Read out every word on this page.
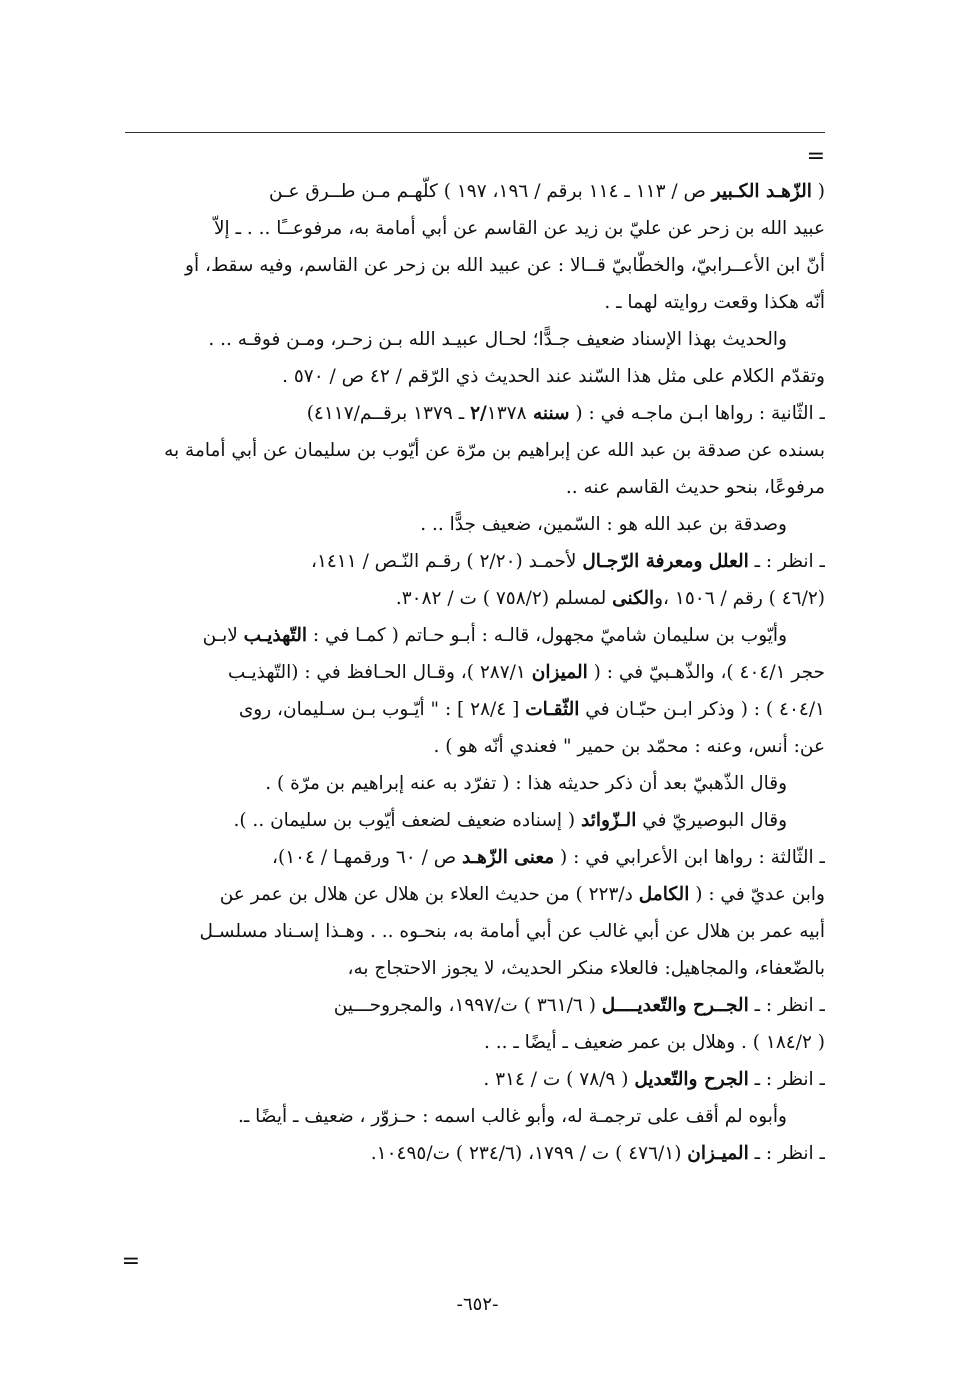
=
( الزّهـد الكـبير ص / ١١٣ ـ ١١٤ برقم / ١٩٦، ١٩٧ ) كلّهـم مـن طــرق عـن
عبيد الله بن زحر عن عليّ بن زيد عن القاسم عن أبي أمامة به، مرفوعــًا .. . ـ إلاّ
أنّ ابن الأعــرابيّ، والخطّابيّ قــالا : عن عبيد الله بن زحر عن القاسم، وفيه سقط، أو
أنّه هكذا وقعت روايته لهما ـ .
والحديث بهذا الإسناد ضعيف جـدًّا؛ لحـال عبيـد الله بـن زحـر، ومـن فوقـه .. .
وتقدّم الكلام على مثل هذا السّند عند الحديث ذي الرّقم / ٤٢ ص / ٥٧٠ .
ـ الثّانية : رواها ابـن ماجـه في : ( سننه ٢/١٣٧٨ ـ ١٣٧٩ برقــم/٤١١٧)
بسنده عن صدقة بن عبد الله عن إبراهيم بن مرّة عن أيّوب بن سليمان عن أبي أمامة به
مرفوعًا، بنحو حديث القاسم عنه ..
وصدقة بن عبد الله هو : السّمين، ضعيف جدًّا .. .
ـ انظر : ـ العلل ومعرفة الرّجـال لأحمـد (٢/٢٠ ) رقـم النّـص / ١٤١١،
(٤٦/٢ ) رقم / ١٥٠٦ ،والكنى لمسلم (٧٥٨/٢ ) ت / ٣٠٨٢.
وأيّوب بن سليمان شاميّ مجهول، قالـه : أبـو حـاتم ( كمـا في : التّهذيـب لابـن
حجر ٤٠٤/١ )، والذّهـبيّ في : ( الميزان ٢٨٧/١ )، وقـال الحـافظ في : (التّهذيـب
٤٠٤/١ ) : ( وذكر ابـن حبّـان في الثّقـات [ ٢٨/٤ ] : " أيّـوب بـن سـليمان، روى
عن: أنس، وعنه : محمّد بن حمير " فعندي أنّه هو ) .
وقال الذّهبيّ بعد أن ذكر حديثه هذا : ( تفرّد به عنه إبراهيم بن مرّة ) .
وقال البوصيريّ في الـزّوائد ( إسناده ضعيف لضعف أيّوب بن سليمان .. ).
ـ الثّالثة : رواها ابن الأعرابي في : ( معنى الزّهـد ص / ٦٠ ورقمهـا / ١٠٤)،
وابن عديّ في : ( الكامل د/٢٢٣ ) من حديث العلاء بن هلال عن هلال بن عمر عن
أبيه عمر بن هلال عن أبي غالب عن أبي أمامة به، بنحـوه .. . وهـذا إسـناد مسلسـل
بالضّعفاء، والمجاهيل: فالعلاء منكر الحديث، لا يجوز الاحتجاج به،
ـ انظر : ـ الجــرح والتّعديــــل ( ٣٦١/٦ ) ت/١٩٩٧، والمجروحـــين
( ١٨٤/٢ ) . وهلال بن عمر ضعيف ـ أيضًا ـ .. .
ـ انظر : ـ الجرح والتّعديل ( ٧٨/٩ ) ت / ٣١٤ .
وأبوه لم أقف على ترجمـة له، وأبو غالب اسمه : حـزوّر ، ضعيف ـ أيضًا ـ.
ـ انظر : ـ الميـزان (٤٧٦/١ ) ت / ١٧٩٩، (٢٣٤/٦ ) ت/١٠٤٩٥.
=
-٦٥٢-
